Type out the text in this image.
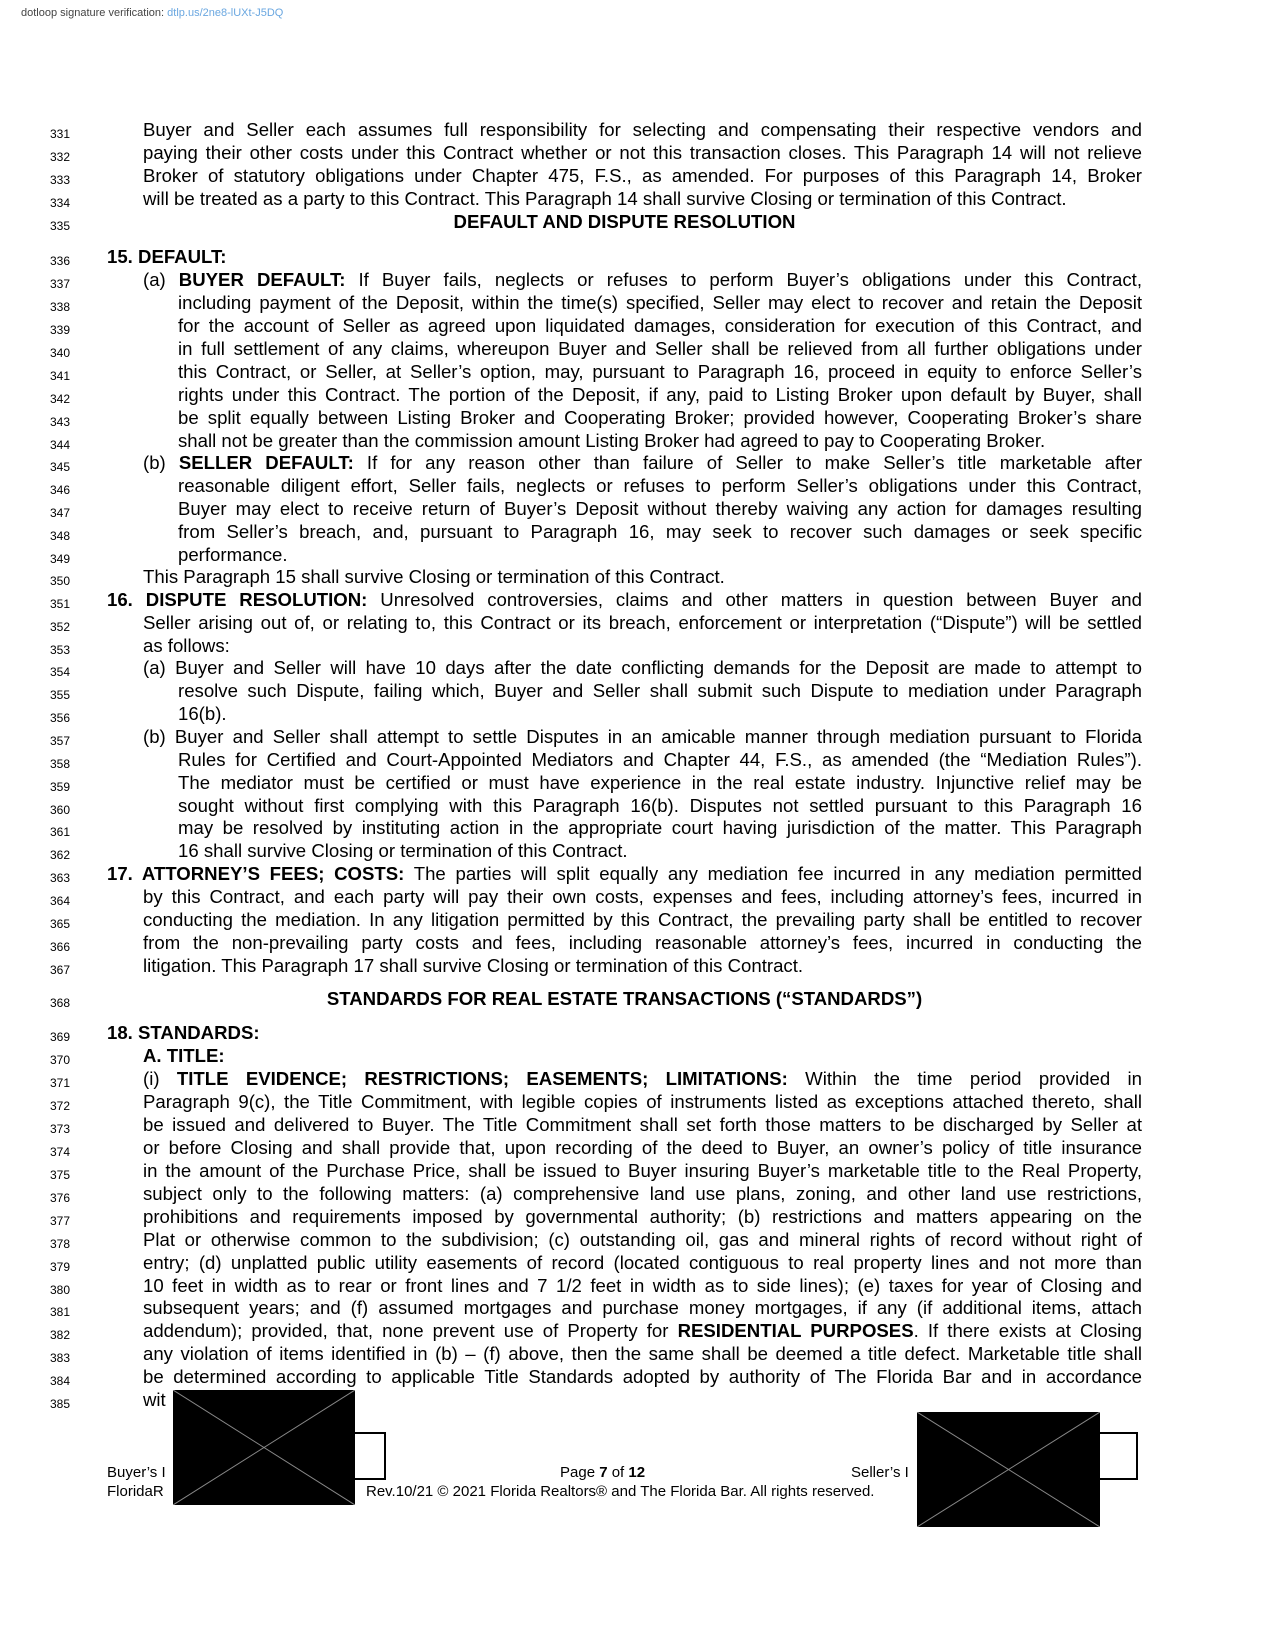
dotloop signature verification: dtlp.us/2ne8-lUXt-J5DQ
331	Buyer and Seller each assumes full responsibility for selecting and compensating their respective vendors and
332	paying their other costs under this Contract whether or not this transaction closes. This Paragraph 14 will not relieve
333	Broker of statutory obligations under Chapter 475, F.S., as amended. For purposes of this Paragraph 14, Broker
334	will be treated as a party to this Contract. This Paragraph 14 shall survive Closing or termination of this Contract.
335	DEFAULT AND DISPUTE RESOLUTION
336	15. DEFAULT:
337	(a) BUYER DEFAULT: If Buyer fails, neglects or refuses to perform Buyer’s obligations under this Contract,
338	including payment of the Deposit, within the time(s) specified, Seller may elect to recover and retain the Deposit
339	for the account of Seller as agreed upon liquidated damages, consideration for execution of this Contract, and
340	in full settlement of any claims, whereupon Buyer and Seller shall be relieved from all further obligations under
341	this Contract, or Seller, at Seller’s option, may, pursuant to Paragraph 16, proceed in equity to enforce Seller’s
342	rights under this Contract. The portion of the Deposit, if any, paid to Listing Broker upon default by Buyer, shall
343	be split equally between Listing Broker and Cooperating Broker; provided however, Cooperating Broker’s share
344	shall not be greater than the commission amount Listing Broker had agreed to pay to Cooperating Broker.
345	(b) SELLER DEFAULT: If for any reason other than failure of Seller to make Seller’s title marketable after
346	reasonable diligent effort, Seller fails, neglects or refuses to perform Seller’s obligations under this Contract,
347	Buyer may elect to receive return of Buyer’s Deposit without thereby waiving any action for damages resulting
348	from Seller’s breach, and, pursuant to Paragraph 16, may seek to recover such damages or seek specific
349	performance.
350	This Paragraph 15 shall survive Closing or termination of this Contract.
351	16. DISPUTE RESOLUTION: Unresolved controversies, claims and other matters in question between Buyer and
352	Seller arising out of, or relating to, this Contract or its breach, enforcement or interpretation (“Dispute”) will be settled
353	as follows:
354	(a) Buyer and Seller will have 10 days after the date conflicting demands for the Deposit are made to attempt to
355	resolve such Dispute, failing which, Buyer and Seller shall submit such Dispute to mediation under Paragraph
356	16(b).
357	(b) Buyer and Seller shall attempt to settle Disputes in an amicable manner through mediation pursuant to Florida
358	Rules for Certified and Court-Appointed Mediators and Chapter 44, F.S., as amended (the “Mediation Rules”).
359	The mediator must be certified or must have experience in the real estate industry. Injunctive relief may be
360	sought without first complying with this Paragraph 16(b). Disputes not settled pursuant to this Paragraph 16
361	may be resolved by instituting action in the appropriate court having jurisdiction of the matter. This Paragraph
362	16 shall survive Closing or termination of this Contract.
363	17. ATTORNEY’S FEES; COSTS: The parties will split equally any mediation fee incurred in any mediation permitted
364	by this Contract, and each party will pay their own costs, expenses and fees, including attorney’s fees, incurred in
365	conducting the mediation. In any litigation permitted by this Contract, the prevailing party shall be entitled to recover
366	from the non-prevailing party costs and fees, including reasonable attorney’s fees, incurred in conducting the
367	litigation. This Paragraph 17 shall survive Closing or termination of this Contract.
368	STANDARDS FOR REAL ESTATE TRANSACTIONS (“STANDARDS”)
369	18. STANDARDS:
370	A. TITLE:
371	(i) TITLE EVIDENCE; RESTRICTIONS; EASEMENTS; LIMITATIONS: Within the time period provided in
372	Paragraph 9(c), the Title Commitment, with legible copies of instruments listed as exceptions attached thereto, shall
373	be issued and delivered to Buyer. The Title Commitment shall set forth those matters to be discharged by Seller at
374	or before Closing and shall provide that, upon recording of the deed to Buyer, an owner’s policy of title insurance
375	in the amount of the Purchase Price, shall be issued to Buyer insuring Buyer’s marketable title to the Real Property,
376	subject only to the following matters: (a) comprehensive land use plans, zoning, and other land use restrictions,
377	prohibitions and requirements imposed by governmental authority; (b) restrictions and matters appearing on the
378	Plat or otherwise common to the subdivision; (c) outstanding oil, gas and mineral rights of record without right of
379	entry; (d) unplatted public utility easements of record (located contiguous to real property lines and not more than
380	10 feet in width as to rear or front lines and 7 1/2 feet in width as to side lines); (e) taxes for year of Closing and
381	subsequent years; and (f) assumed mortgages and purchase money mortgages, if any (if additional items, attach
382	addendum); provided, that, none prevent use of Property for RESIDENTIAL PURPOSES. If there exists at Closing
383	any violation of items identified in (b) – (f) above, then the same shall be deemed a title defect. Marketable title shall
384	be determined according to applicable Title Standards adopted by authority of The Florida Bar and in accordance
385	wit
Buyer’s I
FloridaR
Page 7 of 12
Rev.10/21 © 2021 Florida Realtors® and The Florida Bar. All rights reserved.
Seller’s I
